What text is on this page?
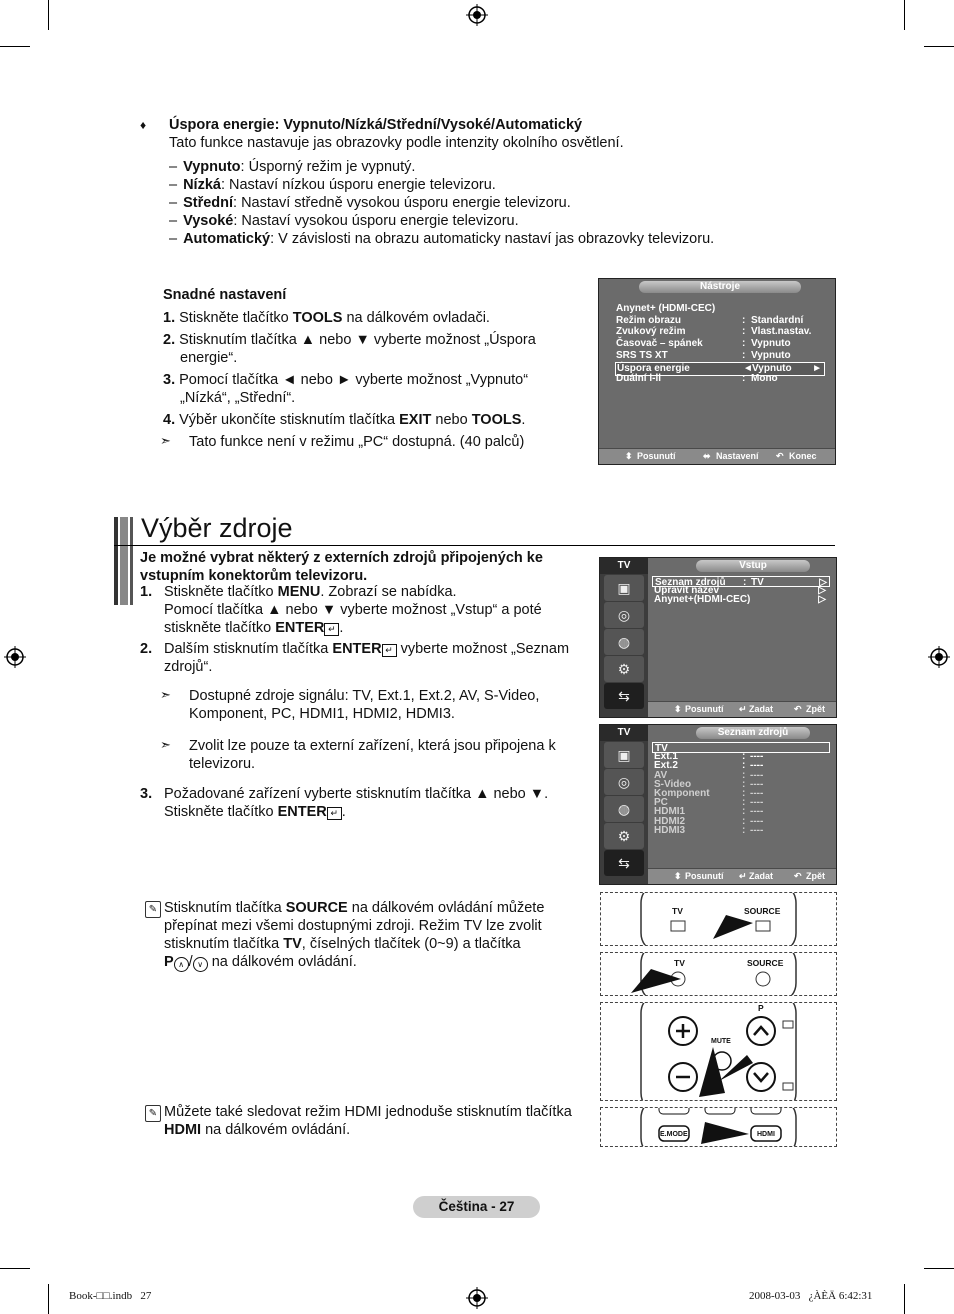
♦ Úspora energie: Vypnuto/Nízká/Střední/Vysoké/Automatický
Tato funkce nastavuje jas obrazovky podle intenzity okolního osvětlení.
– Vypnuto: Úsporný režim je vypnutý.
– Nízká: Nastaví nízkou úsporu energie televizoru.
– Střední: Nastaví středně vysokou úsporu energie televizoru.
– Vysoké: Nastaví vysokou úsporu energie televizoru.
– Automatický: V závislosti na obrazu automaticky nastaví jas obrazovky televizoru.
Snadné nastavení
1. Stiskněte tlačítko TOOLS na dálkovém ovladači.
2. Stisknutím tlačítka ▲ nebo ▼ vyberte možnost „Úspora
energie“.
3. Pomocí tlačítka ◄ nebo ► vyberte možnost „Vypnuto“
„Nízká“, „Střední“.
4. Výběr ukončíte stisknutím tlačítka EXIT nebo TOOLS.
➣ Tato funkce není v režimu „PC“ dostupná. (40 palců)
Nástroje
Anynet+ (HDMI-CEC)
Režim obrazu	: Standardní
Zvukový režim	: Vlast.nastav.
Časovač – spánek	: Vypnuto
SRS TS XT	: Vypnuto
Úspora energie	◄ Vypnuto ►
Duální l-ll	: Mono
⬍ Posunutí	⬌ Nastavení ↶ Konec
Výběr zdroje
Je možné vybrat některý z externích zdrojů připojených ke
vstupním konektorům televizoru.
1. Stiskněte tlačítko MENU. Zobrazí se nabídka.
Pomocí tlačítka ▲ nebo ▼ vyberte možnost „Vstup“ a poté
stiskněte tlačítko ENTER ↵ .
2. Dalším stisknutím tlačítka ENTER ↵ vyberte možnost „Seznam
zdrojů“.
➣ Dostupné zdroje signálu: TV, Ext.1, Ext.2, AV, S-Video,
Komponent, PC, HDMI1, HDMI2, HDMI3.
➣ Zvolit lze pouze ta externí zařízení, která jsou připojena k
televizoru.
3. Požadované zařízení vyberte stisknutím tlačítka ▲ nebo ▼.
Stiskněte tlačítko ENTER ↵ .
✎ Stisknutím tlačítka SOURCE na dálkovém ovládání můžete
přepínat mezi všemi dostupnými zdroji. Režim TV lze zvolit
stisknutím tlačítka TV, číselných tlačítek (0~9) a tlačítka
P ∧ / ∨ na dálkovém ovládání.
✎ Můžete také sledovat režim HDMI jednoduše stisknutím tlačítka
HDMI na dálkovém ovládání.
TV
▣
◎
◍
⚙
⇆
Vstup
Seznam zdrojů : TV	▷
Upravit název	▷
Anynet+(HDMI-CEC)	▷
⬍ Posunutí ↵ Zadat ↶ Zpět
TV
▣
◎
◍
⚙
⇆
Seznam zdrojů
TV
Ext.1	: ----
Ext.2	: ----
AV	: ----
S-Video	: ----
Komponent	: ----
PC	: ----
HDMI1	: ----
HDMI2	: ----
HDMI3	: ----
⬍ Posunutí ↵ Zadat ↶ Zpět
TV	SOURCE
TV	SOURCE
P
MUTE
E.MODE	HDMI
Čeština - 27
Book-□□.indb   27	2008-03-03   ¿ÀÈÄ 6:42:31
